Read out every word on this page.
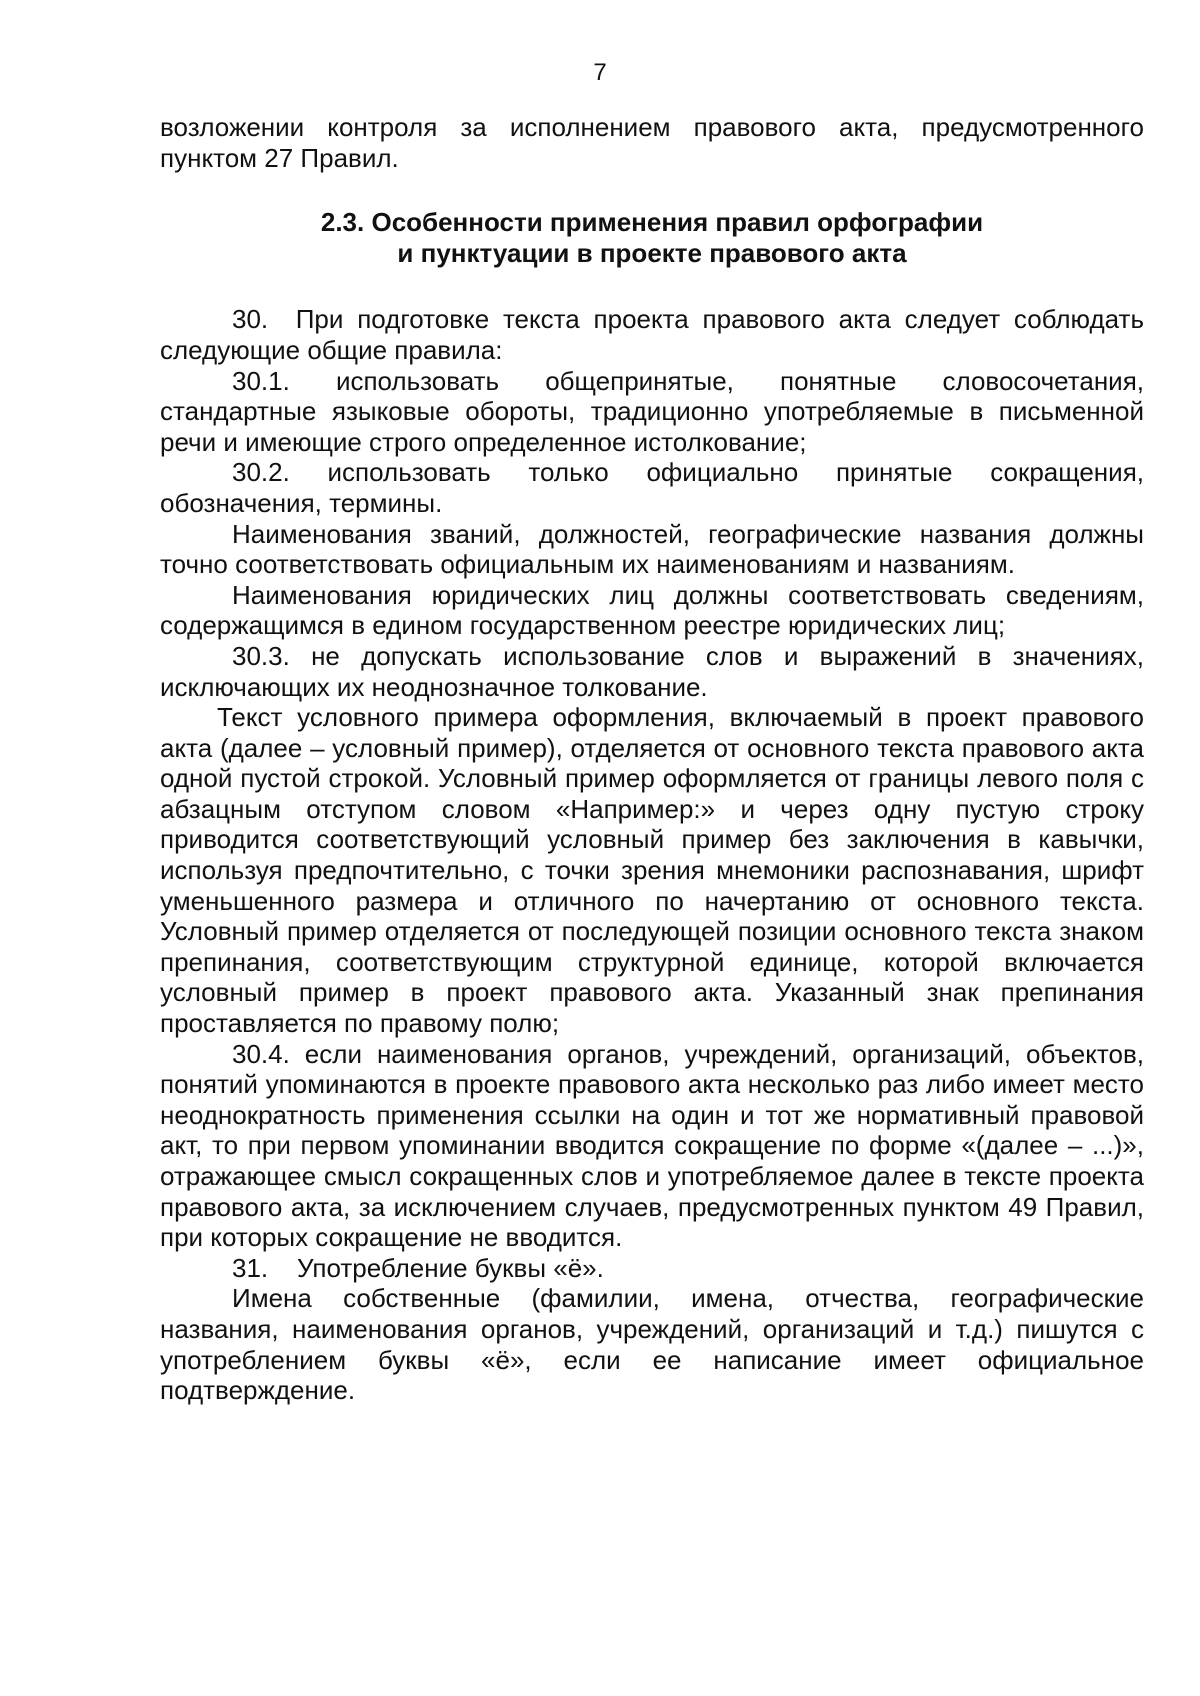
7

возложении контроля за исполнением правового акта, предусмотренного пунктом 27 Правил.

2.3. Особенности применения правил орфографии
и пунктуации в проекте правового акта

30.  При подготовке текста проекта правового акта следует соблюдать следующие общие правила:

30.1. использовать общепринятые, понятные словосочетания, стандартные языковые обороты, традиционно употребляемые в письменной речи и имеющие строго определенное истолкование;

30.2. использовать только официально принятые сокращения, обозначения, термины.

Наименования званий, должностей, географические названия должны точно соответствовать официальным их наименованиям и названиям.

Наименования юридических лиц должны соответствовать сведениям, содержащимся в едином государственном реестре юридических лиц;

30.3. не допускать использование слов и выражений в значениях, исключающих их неоднозначное толкование.

Текст условного примера оформления, включаемый в проект правового акта (далее – условный пример), отделяется от основного текста правового акта одной пустой строкой. Условный пример оформляется от границы левого поля с абзацным отступом словом «Например:» и через одну пустую строку приводится соответствующий условный пример без заключения в кавычки, используя предпочтительно, с точки зрения мнемоники распознавания, шрифт уменьшенного размера и отличного по начертанию от основного текста. Условный пример отделяется от последующей позиции основного текста знаком препинания, соответствующим структурной единице, которой включается условный пример в проект правового акта. Указанный знак препинания проставляется по правому полю;

30.4. если наименования органов, учреждений, организаций, объектов, понятий упоминаются в проекте правового акта несколько раз либо имеет место неоднократность применения ссылки на один и тот же нормативный правовой акт, то при первом упоминании вводится сокращение по форме «(далее – ...)», отражающее смысл сокращенных слов и употребляемое далее в тексте проекта правового акта, за исключением случаев, предусмотренных пунктом 49 Правил, при которых сокращение не вводится.

31.    Употребление буквы «ё».

Имена собственные (фамилии, имена, отчества, географические названия, наименования органов, учреждений, организаций и т.д.) пишутся с употреблением буквы «ё», если ее написание имеет официальное подтверждение.
